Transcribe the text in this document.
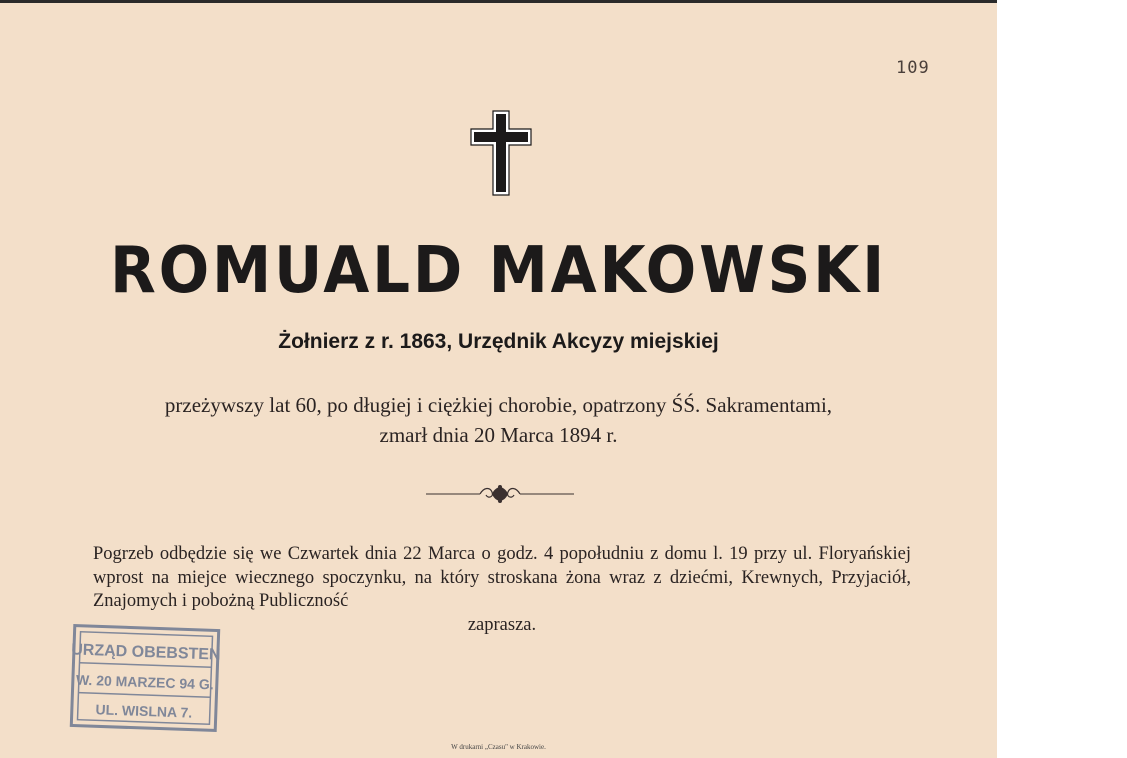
109
ROMUALD MAKOWSKI
Żołnierz z r. 1863, Urzędnik Akcyzy miejskiej
przeżywszy lat 60, po długiej i ciężkiej chorobie, opatrzony ŚŚ. Sakramentami,
zmarł dnia 20 Marca 1894 r.
Pogrzeb odbędzie się we Czwartek dnia 22 Marca o godz. 4 popołudniu z domu l. 19 przy ul. Floryańskiej wprost na miejce wiecznego spoczynku, na który stroskana żona wraz z dziećmi, Krewnych, Przyjaciół, Znajomych i pobożną Publiczność
zaprasza.
URZĄD OBEBSTEN
W. 20 MARZEC 94 G.
UL. WISLNA 7.
W drukarni „Czasu" w Krakowie.
